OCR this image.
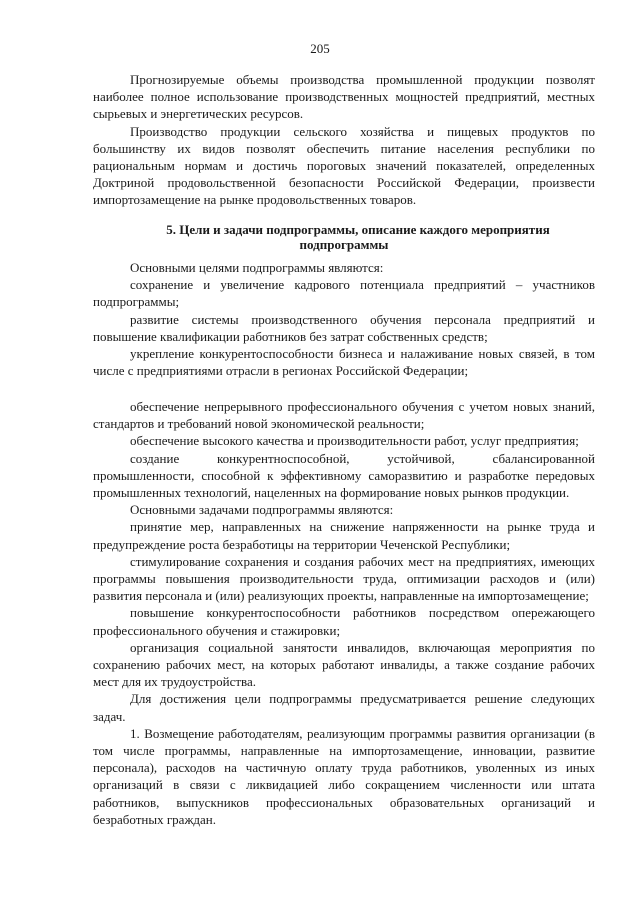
205

Прогнозируемые объемы производства промышленной продукции позволят наиболее полное использование производственных мощностей предприятий, местных сырьевых и энергетических ресурсов.

Производство продукции сельского хозяйства и пищевых продуктов по большинству их видов позволят обеспечить питание населения республики по рациональным нормам и достичь пороговых значений показателей, определенных Доктриной продовольственной безопасности Российской Федерации, произвести импортозамещение на рынке продовольственных товаров.

5. Цели и задачи подпрограммы, описание каждого мероприятия
подпрограммы

Основными целями подпрограммы являются:

сохранение и увеличение кадрового потенциала предприятий – участников подпрограммы;

развитие системы производственного обучения персонала предприятий и повышение квалификации работников без затрат собственных средств;

укрепление конкурентоспособности бизнеса и налаживание новых связей, в том числе с предприятиями отрасли в регионах Российской Федерации;

обеспечение непрерывного профессионального обучения с учетом новых знаний, стандартов и требований новой экономической реальности;

обеспечение высокого качества и производительности работ, услуг предприятия;

создание конкурентноспособной, устойчивой, сбалансированной промышленности, способной к эффективному саморазвитию и разработке передовых промышленных технологий, нацеленных на формирование новых рынков продукции.

Основными задачами подпрограммы являются:

принятие мер, направленных на снижение напряженности на рынке труда и предупреждение роста безработицы на территории Чеченской Республики;

стимулирование сохранения и создания рабочих мест на предприятиях, имеющих программы повышения производительности труда, оптимизации расходов и (или) развития персонала и (или) реализующих проекты, направленные на импортозамещение;

повышение конкурентоспособности работников посредством опережающего профессионального обучения и стажировки;

организация социальной занятости инвалидов, включающая мероприятия по сохранению рабочих мест, на которых работают инвалиды, а также создание рабочих мест для их трудоустройства.

Для достижения цели подпрограммы предусматривается решение следующих задач.

1. Возмещение работодателям, реализующим программы развития организации (в том числе программы, направленные на импортозамещение, инновации, развитие персонала), расходов на частичную оплату труда работников, уволенных из иных организаций в связи с ликвидацией либо сокращением численности или штата работников, выпускников профессиональных образовательных организаций и безработных граждан.
